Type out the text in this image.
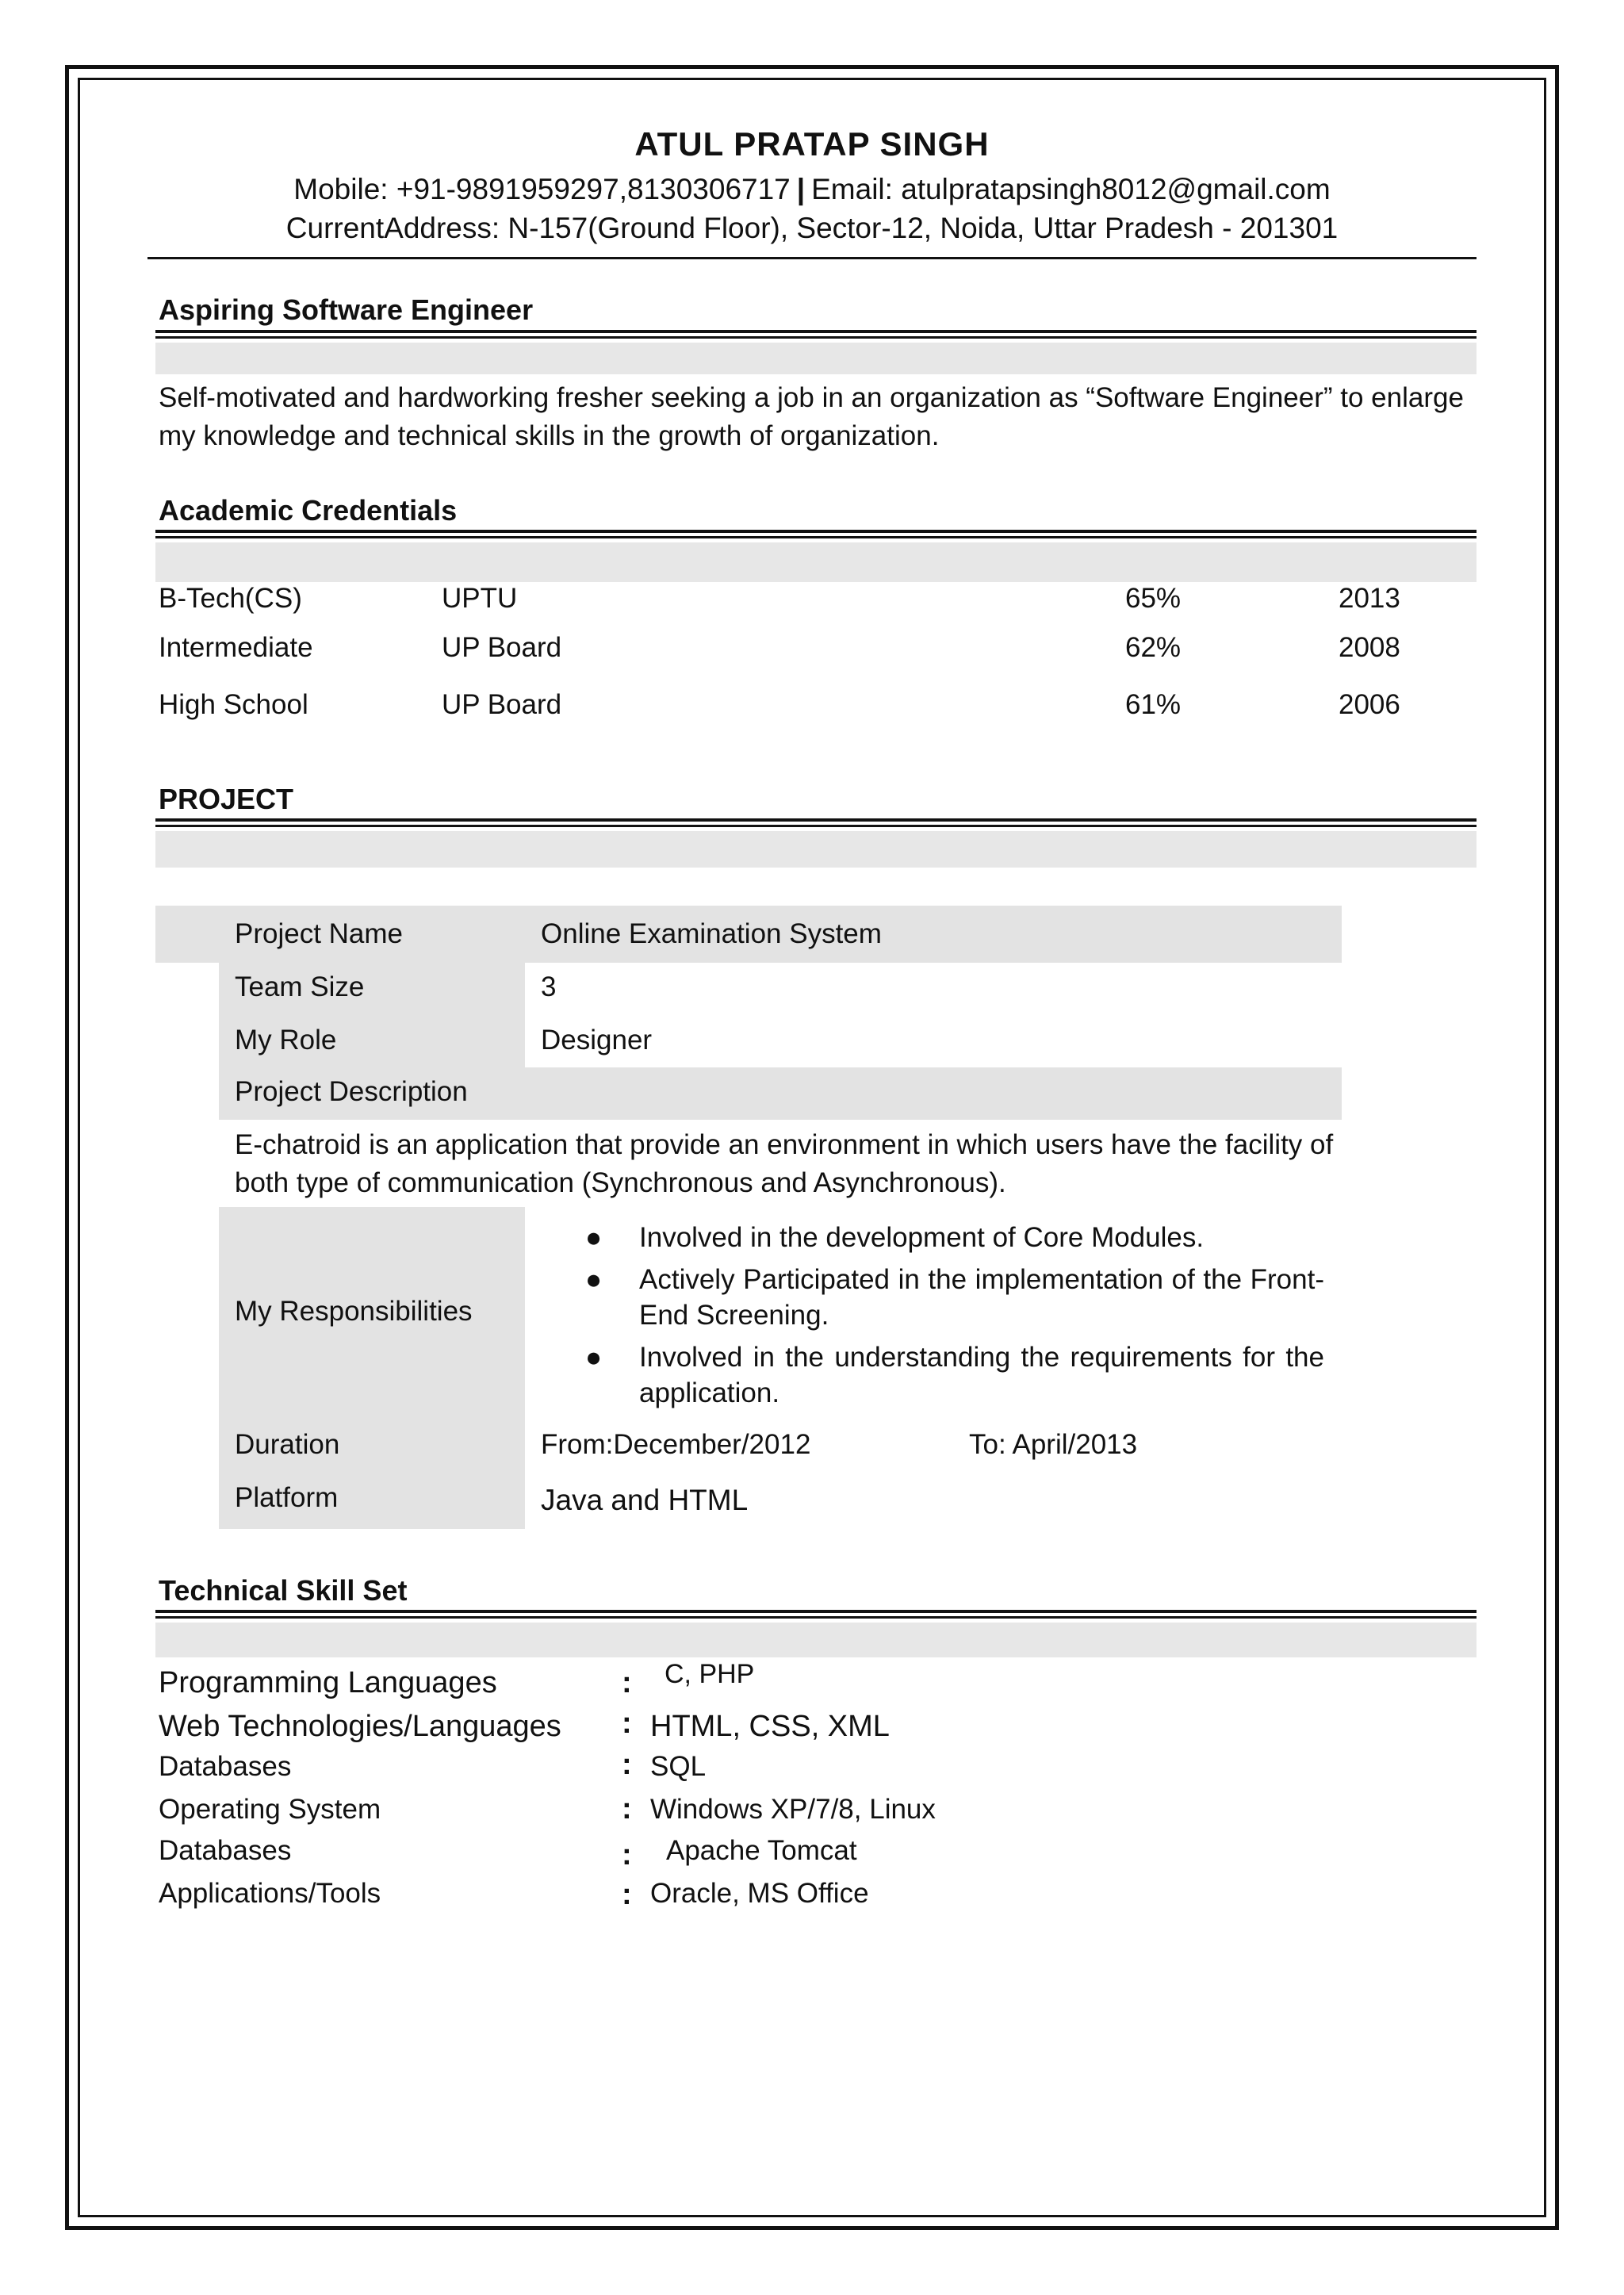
ATUL PRATAP SINGH
Mobile: +91-9891959297,8130306717 | Email: atulpratapsingh8012@gmail.com
CurrentAddress: N-157(Ground Floor), Sector-12, Noida, Uttar Pradesh - 201301
Aspiring Software Engineer
Self-motivated and hardworking fresher seeking a job in an organization as “Software Engineer” to enlarge my knowledge and technical skills in the growth of organization.
Academic Credentials
B-Tech(CS)	UPTU	65%	2013
Intermediate	UP Board	62%	2008
High School	UP Board	61%	2006
PROJECT
Project Name	Online Examination System
Team Size	3
My Role	Designer
Project Description
E-chatroid is an application that provide an environment in which users have the facility of both type of communication (Synchronous and Asynchronous).
My Responsibilities
● Involved in the development of Core Modules.
● Actively Participated in the implementation of the Front-End Screening.
● Involved in the understanding the requirements for the application.
Duration	From:December/2012	To: April/2013
Platform	Java and HTML
Technical Skill Set
Programming Languages	: C, PHP
Web Technologies/Languages : HTML, CSS, XML
Databases	: SQL
Operating System	: Windows XP/7/8, Linux
Databases	: Apache Tomcat
Applications/Tools	: Oracle, MS Office
